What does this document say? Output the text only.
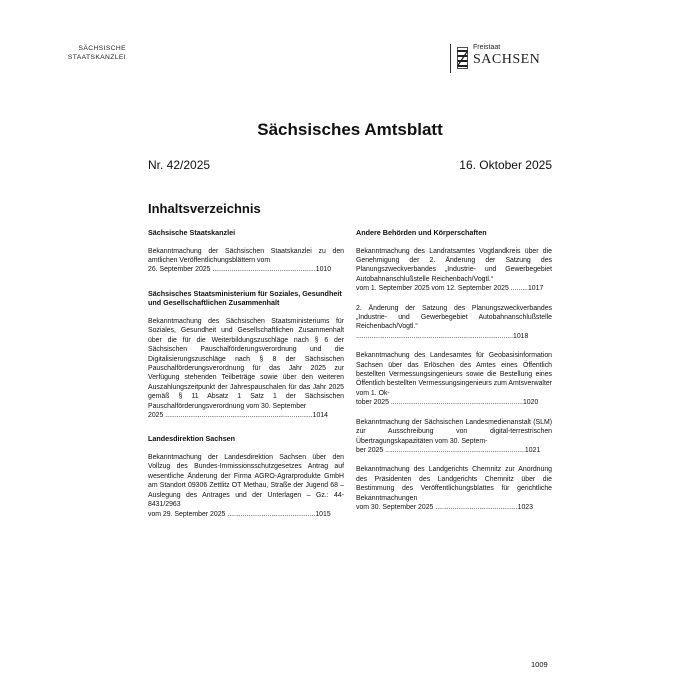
SÄCHSISCHE
STAATSKANZLEI
Freistaat
SACHSEN
Sächsisches Amtsblatt
Nr. 42/2025	16. Oktober 2025
Inhaltsverzeichnis
Sächsische Staatskanzlei
Bekanntmachung der Sächsischen Staatskanzlei zu den amtlichen Veröffentlichungsblättern vom
26. September 2025 ......................................................1010
Sächsisches Staatsministerium für Soziales, Gesundheit und Gesellschaftlichen Zusammenhalt
Bekanntmachung des Sächsischen Staatsministeriums für Soziales, Gesundheit und Gesellschaftlichen Zusammenhalt über die für die Weiterbildungszuschläge nach § 6 der Sächsischen Pauschalförderungsverordnung und die Digitalisierungszuschläge nach § 8 der Sächsischen Pauschalförderungsverordnung für das Jahr 2025 zur Verfügung stehenden Teilbeträge sowie über den weiteren Auszahlungszeitpunkt der Jahrespauschalen für das Jahr 2025 gemäß § 11 Absatz 1 Satz 1 der Sächsischen Pauschalförderungsverordnung vom 30. September
2025 .............................................................................1014
Landesdirektion Sachsen
Bekanntmachung der Landesdirektion Sachsen über den Vollzug des Bundes-Immissionsschutzgesetzes Antrag auf wesentliche Änderung der Firma AGRO-Agrarprodukte GmbH am Standort 09306 Zettlitz OT Methau, Straße der Jugend 68 – Auslegung des Antrages und der Unterlagen – Gz.: 44-8431/2963
vom 29. September 2025 ..............................................1015
Andere Behörden und Körperschaften
Bekanntmachung des Landratsamtes Vogtlandkreis über die Genehmigung der 2. Änderung der Satzung des Planungszweckverbandes „Industrie- und Gewerbegebiet Autobahnanschlußstelle Reichenbach/Vogtl.“
vom 1. September 2025 vom 12. September 2025 .........1017
2. Änderung der Satzung des Planungszweckverbandes „Industrie- und Gewerbegebiet Autobahnanschlußstelle Reichenbach/Vogtl.“
..................................................................................1018
Bekanntmachung des Landesamtes für Geobasisinformation Sachsen über das Erlöschen des Amtes eines Öffentlich bestellten Vermessungsingenieurs sowie die Bestellung eines Öffentlich bestellten Vermessungsingenieurs zum Amtsverwalter vom 1. Ok-
tober 2025 .....................................................................1020
Bekanntmachung der Sächsischen Landesmedienanstalt (SLM) zur Ausschreibung von digital-terrestrischen Übertragungskapazitäten vom 30. Septem-
ber 2025 .........................................................................1021
Bekanntmachung des Landgerichts Chemnitz zur Anordnung des Präsidenten des Landgerichts Chemnitz über die Bestimmung des Veröffentlichungsblattes für gerichtliche Bekanntmachungen
vom 30. September 2025 ...........................................1023
1009
